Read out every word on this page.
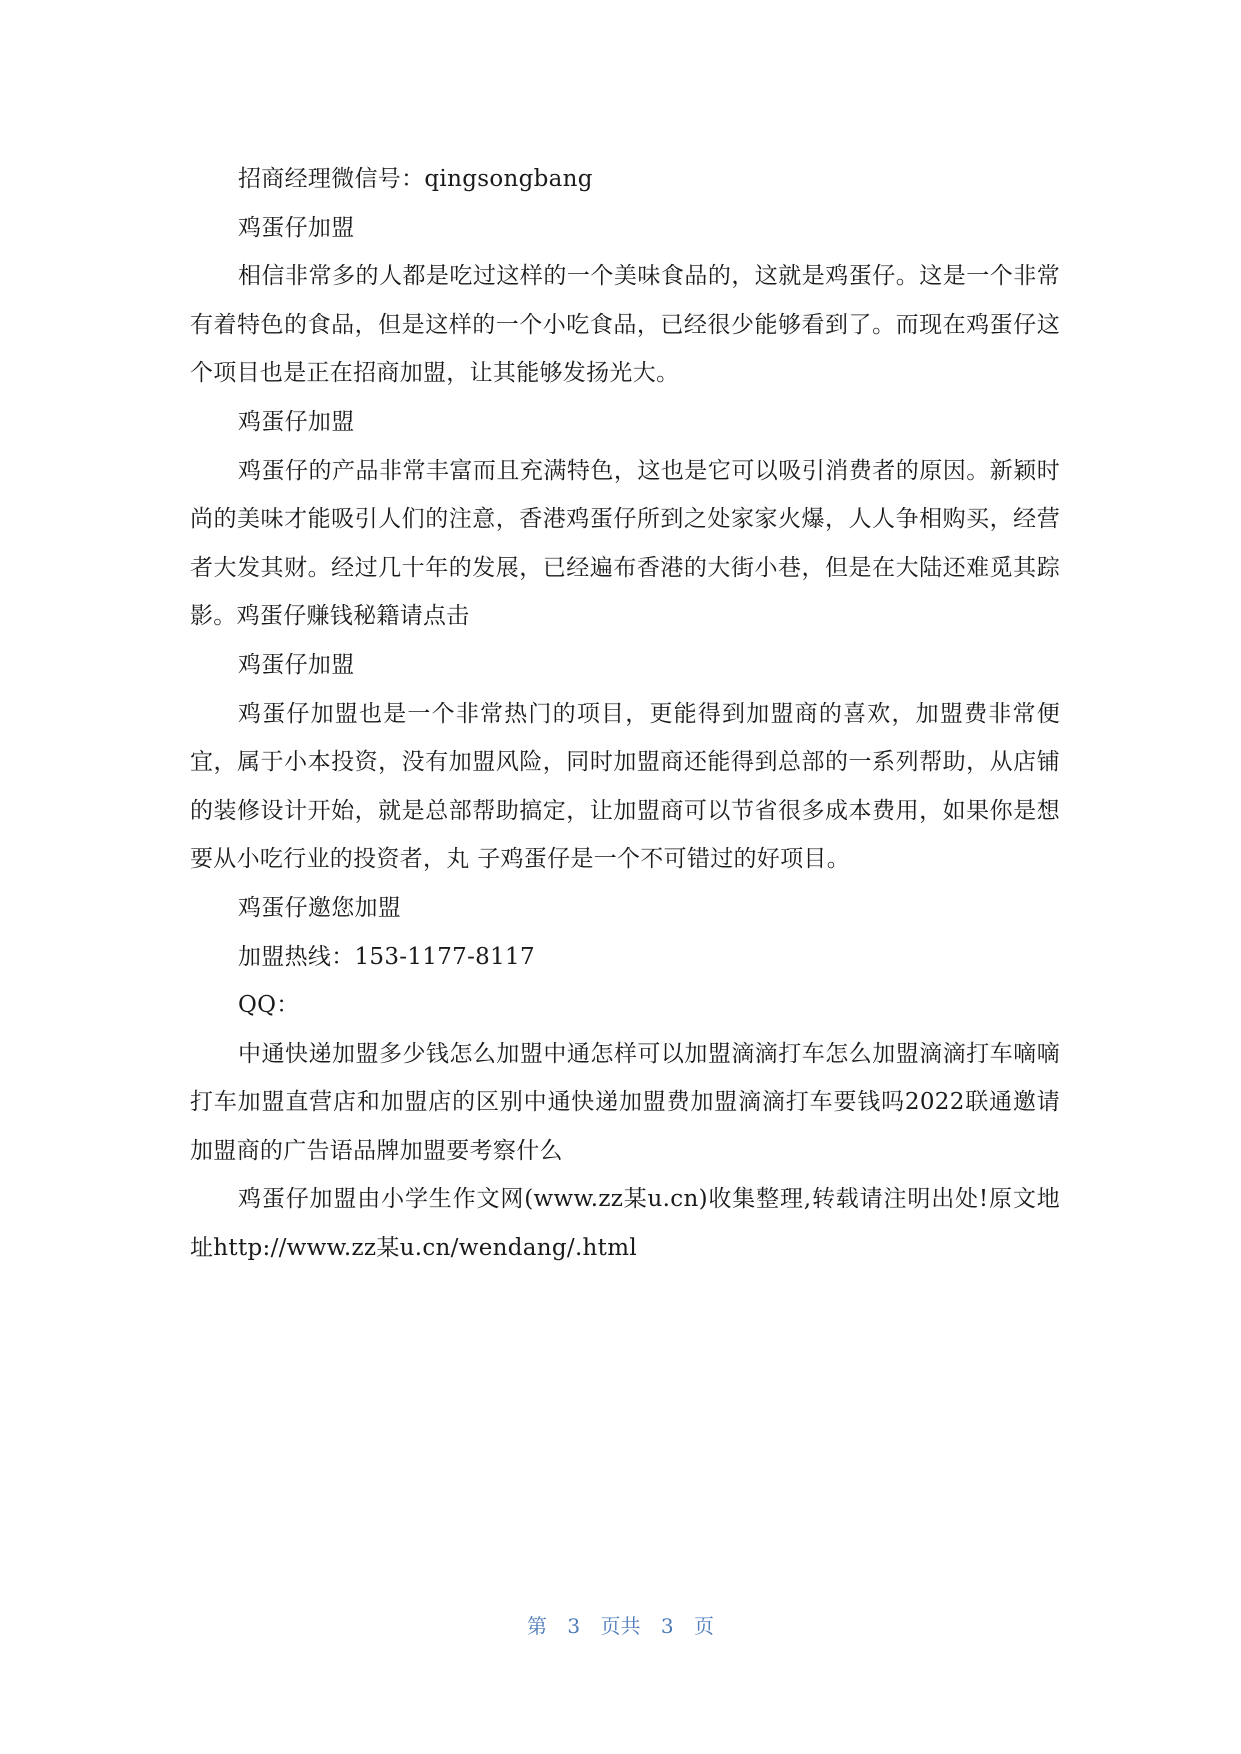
招商经理微信号：qingsongbang

鸡蛋仔加盟

相信非常多的人都是吃过这样的一个美味食品的，这就是鸡蛋仔。这是一个非常有着特色的食品，但是这样的一个小吃食品，已经很少能够看到了。而现在鸡蛋仔这个项目也是正在招商加盟，让其能够发扬光大。

鸡蛋仔加盟

鸡蛋仔的产品非常丰富而且充满特色，这也是它可以吸引消费者的原因。新颖时尚的美味才能吸引人们的注意，香港鸡蛋仔所到之处家家火爆，人人争相购买，经营者大发其财。经过几十年的发展，已经遍布香港的大街小巷，但是在大陆还难觅其踪影。鸡蛋仔赚钱秘籍请点击

鸡蛋仔加盟

鸡蛋仔加盟也是一个非常热门的项目，更能得到加盟商的喜欢，加盟费非常便宜，属于小本投资，没有加盟风险，同时加盟商还能得到总部的一系列帮助，从店铺的装修设计开始，就是总部帮助搞定，让加盟商可以节省很多成本费用，如果你是想要从小吃行业的投资者，丸 子鸡蛋仔是一个不可错过的好项目。

鸡蛋仔邀您加盟

加盟热线：153-1177-8117

QQ：

中通快递加盟多少钱怎么加盟中通怎样可以加盟滴滴打车怎么加盟滴滴打车嘀嘀打车加盟直营店和加盟店的区别中通快递加盟费加盟滴滴打车要钱吗2022联通邀请加盟商的广告语品牌加盟要考察什么

鸡蛋仔加盟由小学生作文网(www.zz某u.cn)收集整理,转载请注明出处!原文地址http://www.zz某u.cn/wendang/.html

第 3 页共 3 页
